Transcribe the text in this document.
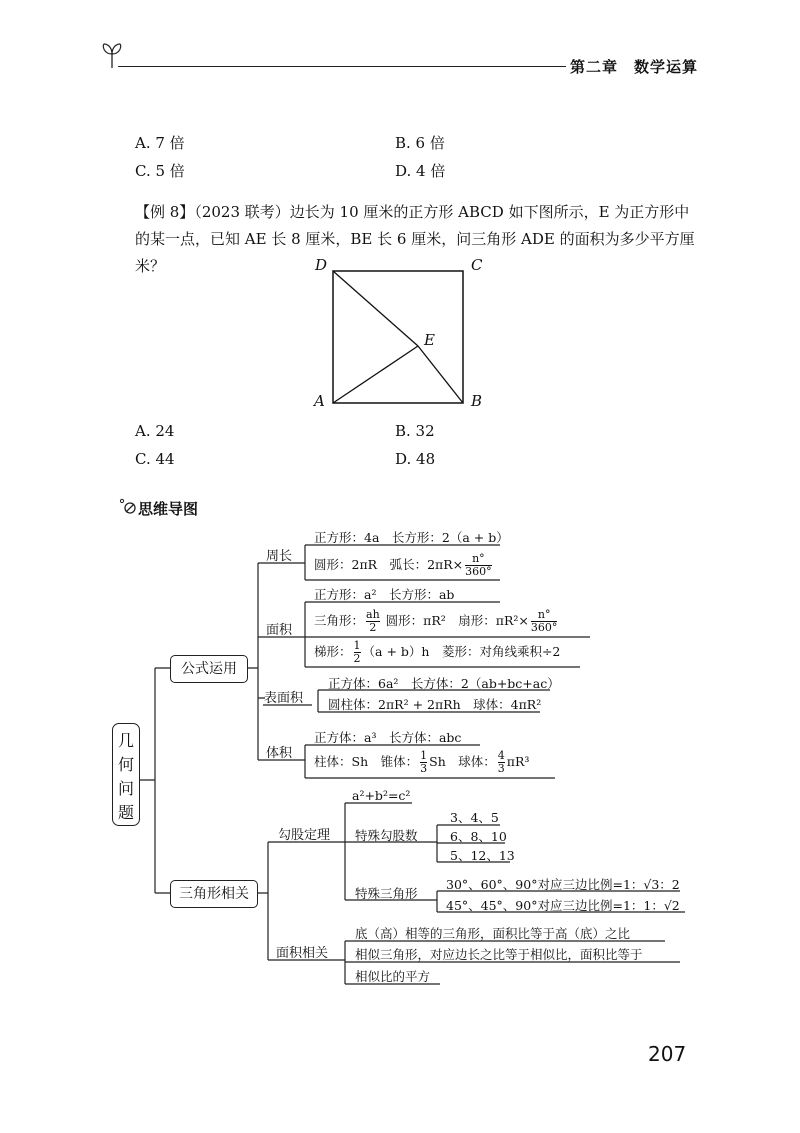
第二章　数学运算
A. 7 倍	B. 6 倍
C. 5 倍	D. 4 倍
【例 8】（2023 联考）边长为 10 厘米的正方形 ABCD 如下图所示，E 为正方形中
的某一点，已知 AE 长 8 厘米，BE 长 6 厘米，问三角形 ADE 的面积为多少平方厘米？	D	C
E
A	B
A. 24	B. 32
C. 44	D. 48
思维导图
几
何
问
题
公式运用
三角形相关
周长
面积
表面积
体积
勾股定理
面积相关
正方形：4a　长方形：2（a + b）
圆形：2πR　弧长：$2\pi R\times \frac{n^\circ}{360^\circ}$
正方形：a²　长方形：ab
三角形： $\frac{ah}{2}$ 圆形：πR²　扇形：$\pi R^2\times \frac{n^\circ}{360^\circ}$
梯形： $\frac{1}{2} (a + b)h$　菱形：对角线乘积÷2
正方体：6a²　长方体：2（ab+bc+ac）
圆柱体：2πR² + 2πRh　球体：4πR²
正方体：a³　长方体：abc
柱体：Sh　锥体： $\frac{1}{3}$ Sh　球体： $\frac{4}{3} \pi R^3$
a²+b²=c²
特殊勾股数
3、4、5
6、8、10
5、12、13
特殊三角形
30°、60°、90°对应三边比例=1：√3：2
45°、45°、90°对应三边比例=1：1：√2
底（高）相等的三角形，面积比等于高（底）之比
相似三角形，对应边长之比等于相似比，面积比等于
相似比的平方
207
